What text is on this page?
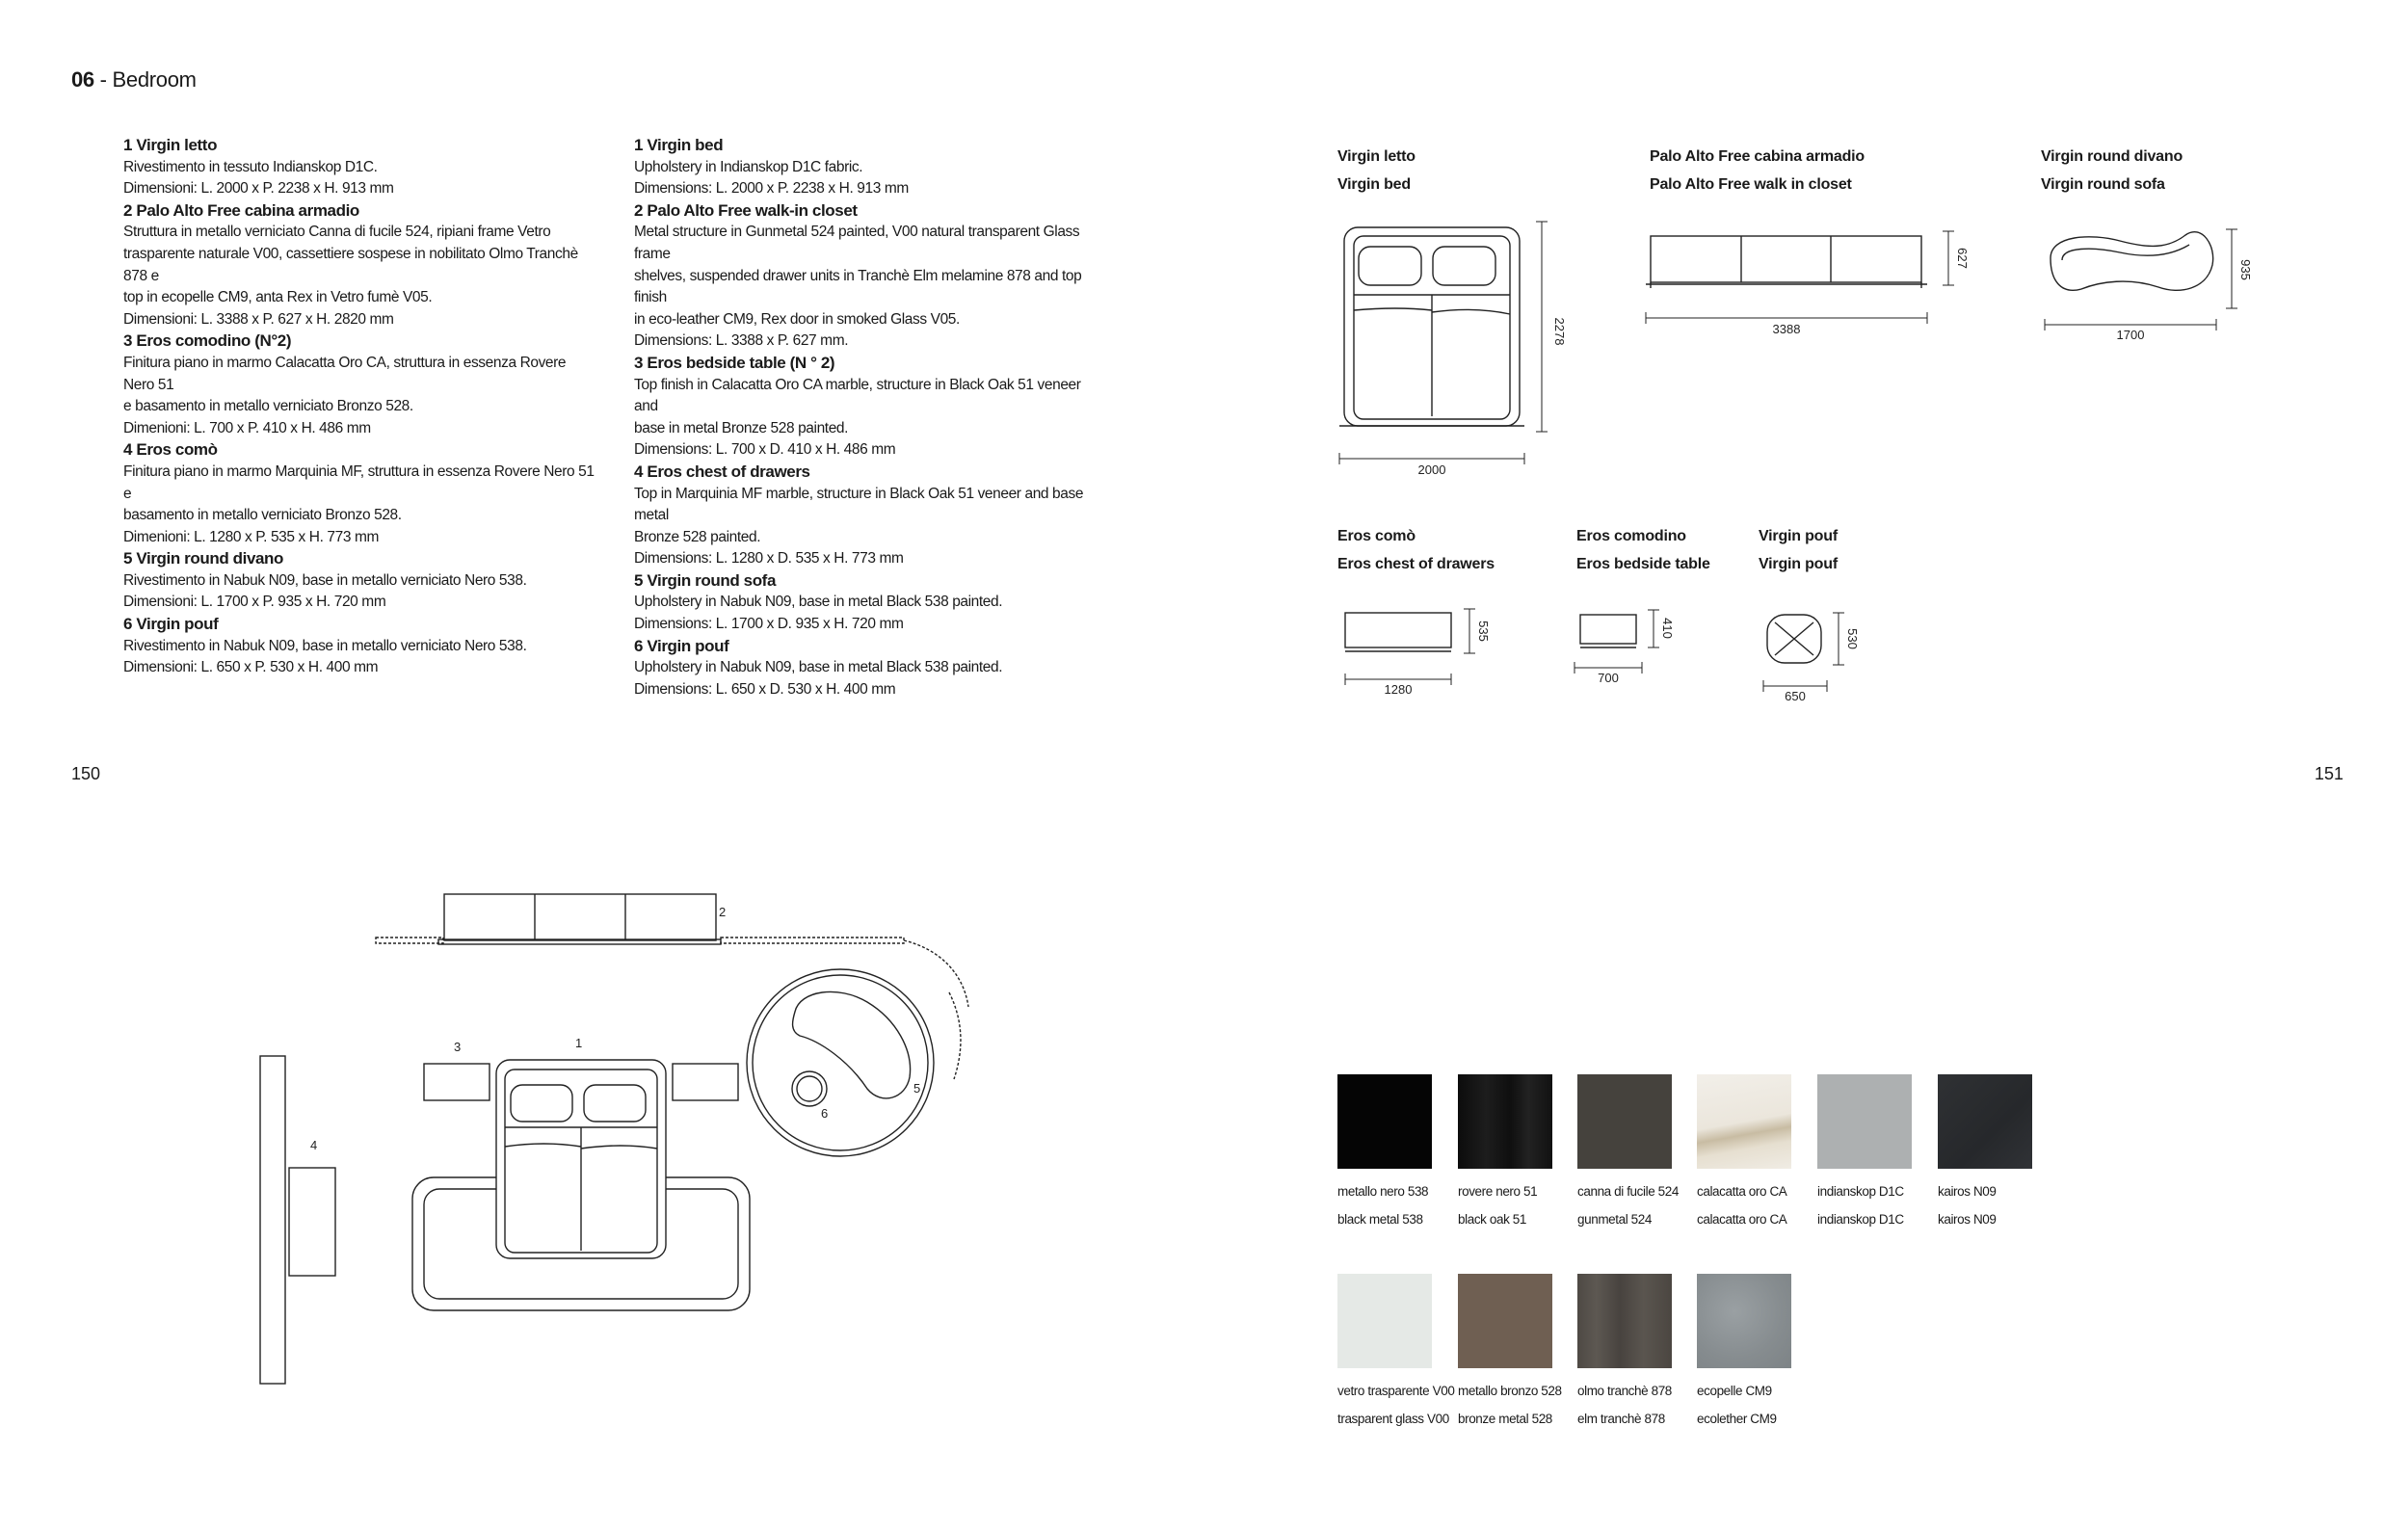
06 - Bedroom

1 Virgin letto

Rivestimento in tessuto Indianskop D1C.

Dimensioni: L. 2000 x P. 2238 x H. 913 mm

2 Palo Alto Free cabina armadio

Struttura in metallo verniciato Canna di fucile 524, ripiani frame Vetro

trasparente naturale V00, cassettiere sospese in nobilitato Olmo Tranchè 878 e

top in ecopelle CM9, anta Rex in Vetro fumè V05.

Dimensioni: L. 3388 x P. 627 x H. 2820 mm

3 Eros comodino (N°2)

Finitura piano in marmo Calacatta Oro CA, struttura in essenza Rovere Nero 51

e basamento in metallo verniciato Bronzo 528.

Dimenioni: L. 700 x P. 410 x H. 486 mm

4 Eros comò

Finitura piano in marmo Marquinia MF, struttura in essenza Rovere Nero 51 e

basamento in metallo verniciato Bronzo 528.

Dimenioni: L. 1280 x P. 535 x H. 773 mm

5 Virgin round divano

Rivestimento in Nabuk N09, base in metallo verniciato Nero 538.

Dimensioni: L. 1700 x P. 935 x H. 720 mm

6 Virgin pouf

Rivestimento in Nabuk N09, base in metallo verniciato Nero 538.

Dimensioni: L. 650 x P. 530 x H. 400 mm

1 Virgin bed

Upholstery in Indianskop D1C fabric.

Dimensions: L. 2000 x P. 2238 x H. 913 mm

2 Palo Alto Free walk-in closet

Metal structure in Gunmetal 524 painted, V00 natural transparent Glass frame

shelves, suspended drawer units in Tranchè Elm melamine 878 and top finish

in eco-leather CM9, Rex door in smoked Glass V05.

Dimensions: L. 3388 x P. 627 mm.

3 Eros bedside table (N ° 2)

Top finish in Calacatta Oro CA marble, structure in Black Oak 51 veneer and

base in metal Bronze 528 painted.

Dimensions: L. 700 x D. 410 x H. 486 mm

4 Eros chest of drawers

Top in Marquinia MF marble, structure in Black Oak 51 veneer and base metal

Bronze 528 painted.

Dimensions: L. 1280 x D. 535 x H. 773 mm

5 Virgin round sofa

Upholstery in Nabuk N09, base in metal Black 538 painted.

Dimensions: L. 1700 x D. 935 x H. 720 mm

6 Virgin pouf

Upholstery in Nabuk N09, base in metal Black 538 painted.

Dimensions: L. 650 x D. 530 x H. 400 mm

150	151
Virgin letto
Virgin bed
Palo Alto Free cabina armadio
Palo Alto Free walk in closet
Virgin round divano
Virgin round sofa
Eros comò
Eros chest of drawers
Eros comodino
Eros bedside table
Virgin pouf
Virgin pouf
2000
2278	3388
627
1700
935
1280
535
700
410
650
530
1
2
3
4
5
6
metallo nero 538
black metal 538
rovere nero 51
black oak 51
canna di fucile 524
gunmetal 524
calacatta oro CA
calacatta oro CA
indianskop D1C
indianskop D1C
kairos N09
kairos N09
vetro trasparente V00
trasparent glass V00
metallo bronzo 528
bronze metal 528
olmo tranchè 878
elm tranchè 878
ecopelle CM9
ecolether CM9
